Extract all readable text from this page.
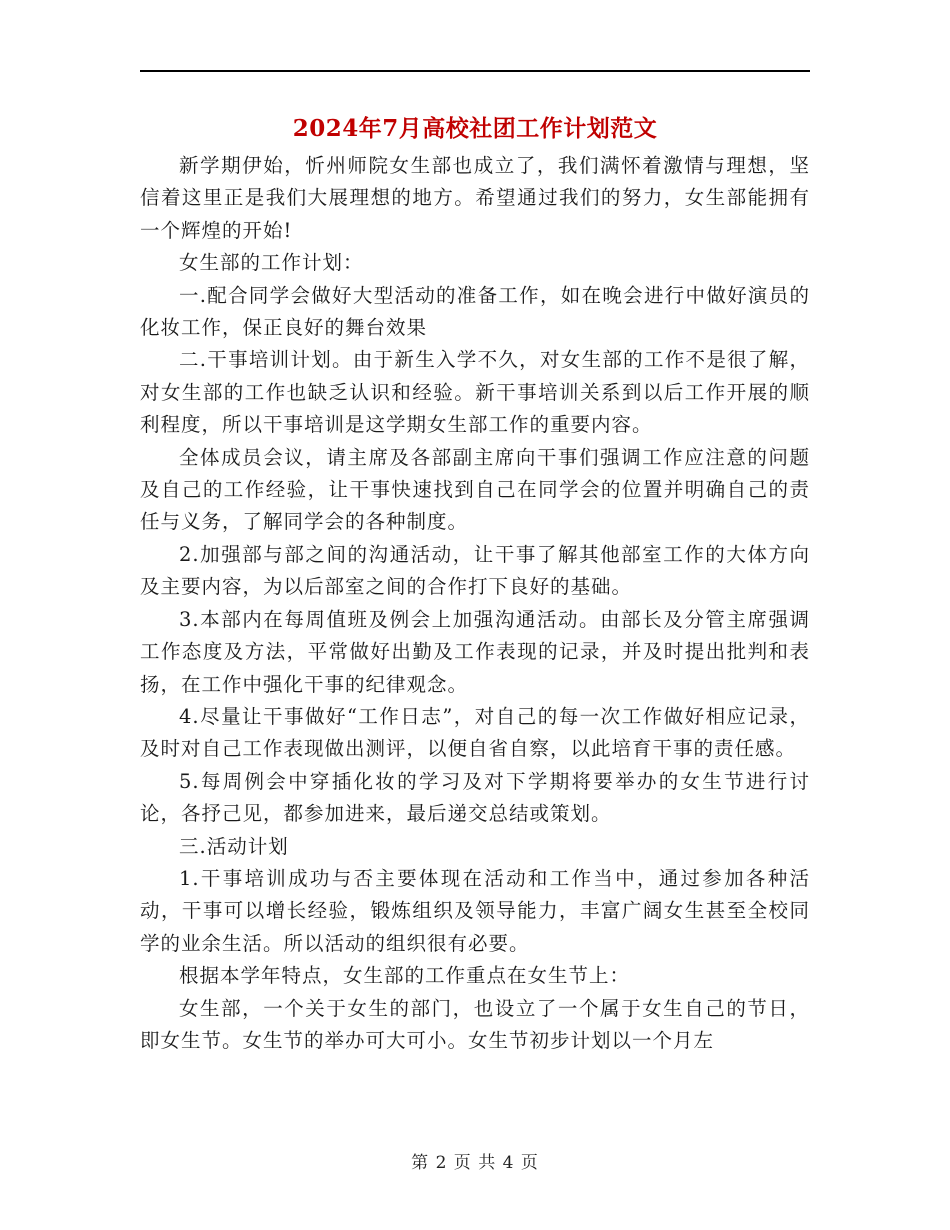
2024年7月高校社团工作计划范文

新学期伊始，忻州师院女生部也成立了，我们满怀着激情与理想，坚信着这里正是我们大展理想的地方。希望通过我们的努力，女生部能拥有一个辉煌的开始!

女生部的工作计划：

一.配合同学会做好大型活动的准备工作，如在晚会进行中做好演员的化妆工作，保正良好的舞台效果

二.干事培训计划。由于新生入学不久，对女生部的工作不是很了解，对女生部的工作也缺乏认识和经验。新干事培训关系到以后工作开展的顺利程度，所以干事培训是这学期女生部工作的重要内容。

全体成员会议，请主席及各部副主席向干事们强调工作应注意的问题及自己的工作经验，让干事快速找到自己在同学会的位置并明确自己的责任与义务，了解同学会的各种制度。

2.加强部与部之间的沟通活动，让干事了解其他部室工作的大体方向及主要内容，为以后部室之间的合作打下良好的基础。

3.本部内在每周值班及例会上加强沟通活动。由部长及分管主席强调工作态度及方法，平常做好出勤及工作表现的记录，并及时提出批判和表扬，在工作中强化干事的纪律观念。

4.尽量让干事做好“工作日志”，对自己的每一次工作做好相应记录，及时对自己工作表现做出测评，以便自省自察，以此培育干事的责任感。

5.每周例会中穿插化妆的学习及对下学期将要举办的女生节进行讨论，各抒己见，都参加进来，最后递交总结或策划。

三.活动计划

1.干事培训成功与否主要体现在活动和工作当中，通过参加各种活动，干事可以增长经验，锻炼组织及领导能力，丰富广阔女生甚至全校同学的业余生活。所以活动的组织很有必要。

根据本学年特点，女生部的工作重点在女生节上：

女生部，一个关于女生的部门，也设立了一个属于女生自己的节日，即女生节。女生节的举办可大可小。女生节初步计划以一个月左

第 2 页 共 4 页
